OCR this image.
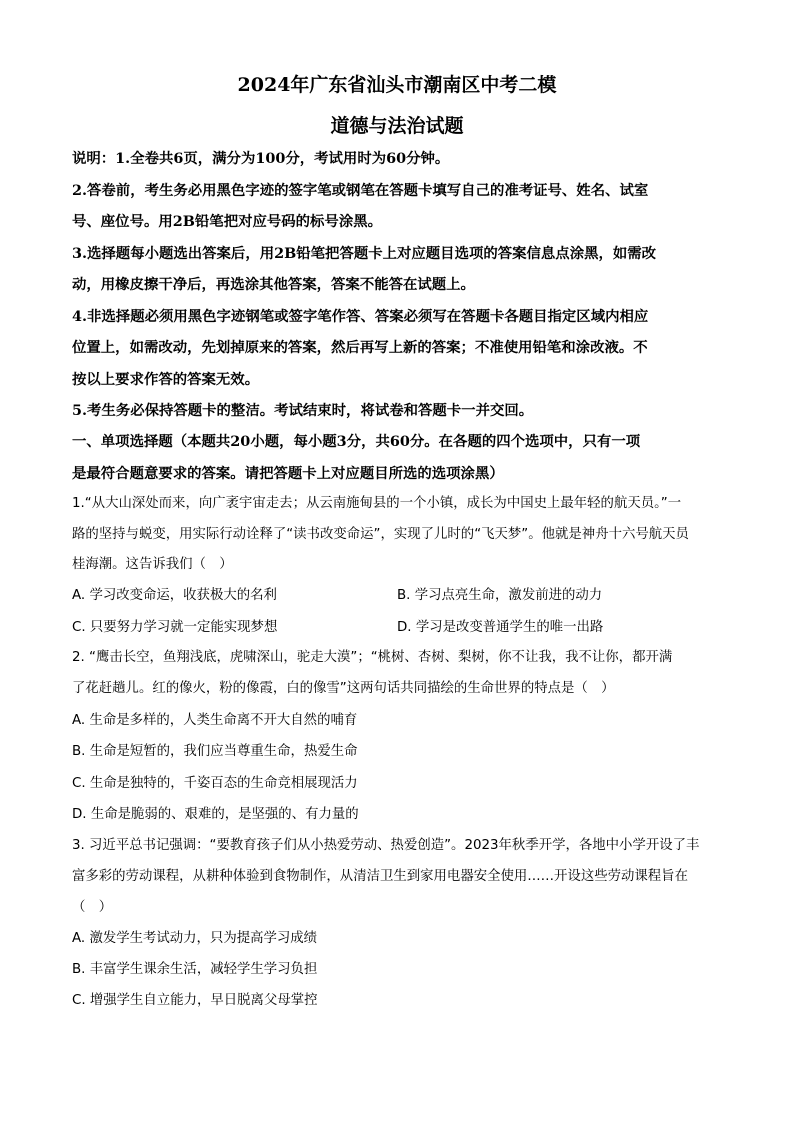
2024年广东省汕头市潮南区中考二模
道德与法治试题
说明：1.全卷共6页，满分为100分，考试用时为60分钟。
2.答卷前，考生务必用黑色字迹的签字笔或钢笔在答题卡填写自己的准考证号、姓名、试室
号、座位号。用2B铅笔把对应号码的标号涂黑。
3.选择题每小题选出答案后，用2B铅笔把答题卡上对应题目选项的答案信息点涂黑，如需改
动，用橡皮擦干净后，再选涂其他答案，答案不能答在试题上。
4.非选择题必须用黑色字迹钢笔或签字笔作答、答案必须写在答题卡各题目指定区域内相应
位置上，如需改动，先划掉原来的答案，然后再写上新的答案；不准使用铅笔和涂改液。不
按以上要求作答的答案无效。
5.考生务必保持答题卡的整洁。考试结束时，将试卷和答题卡一并交回。
一、单项选择题（本题共20小题，每小题3分，共60分。在各题的四个选项中，只有一项
是最符合题意要求的答案。请把答题卡上对应题目所选的选项涂黑）
1.“从大山深处而来，向广袤宇宙走去；从云南施甸县的一个小镇，成长为中国史上最年轻的航天员。”一
路的坚持与蜕变，用实际行动诠释了“读书改变命运”，实现了儿时的“飞天梦”。他就是神舟十六号航天员
桂海潮。这告诉我们（　）
A. 学习改变命运，收获极大的名利	B. 学习点亮生命，激发前进的动力
C. 只要努力学习就一定能实现梦想	D. 学习是改变普通学生的唯一出路
2. “鹰击长空，鱼翔浅底，虎啸深山，驼走大漠”；“桃树、杏树、梨树，你不让我，我不让你，都开满
了花赶趟儿。红的像火，粉的像霞，白的像雪”这两句话共同描绘的生命世界的特点是（　）
A. 生命是多样的，人类生命离不开大自然的哺育
B. 生命是短暂的，我们应当尊重生命，热爱生命
C. 生命是独特的，千姿百态的生命竞相展现活力
D. 生命是脆弱的、艰难的，是坚强的、有力量的
3. 习近平总书记强调：“要教育孩子们从小热爱劳动、热爱创造”。2023年秋季开学，各地中小学开设了丰
富多彩的劳动课程，从耕种体验到食物制作，从清洁卫生到家用电器安全使用……开设这些劳动课程旨在
（　）
A. 激发学生考试动力，只为提高学习成绩
B. 丰富学生课余生活，减轻学生学习负担
C. 增强学生自立能力，早日脱离父母掌控
